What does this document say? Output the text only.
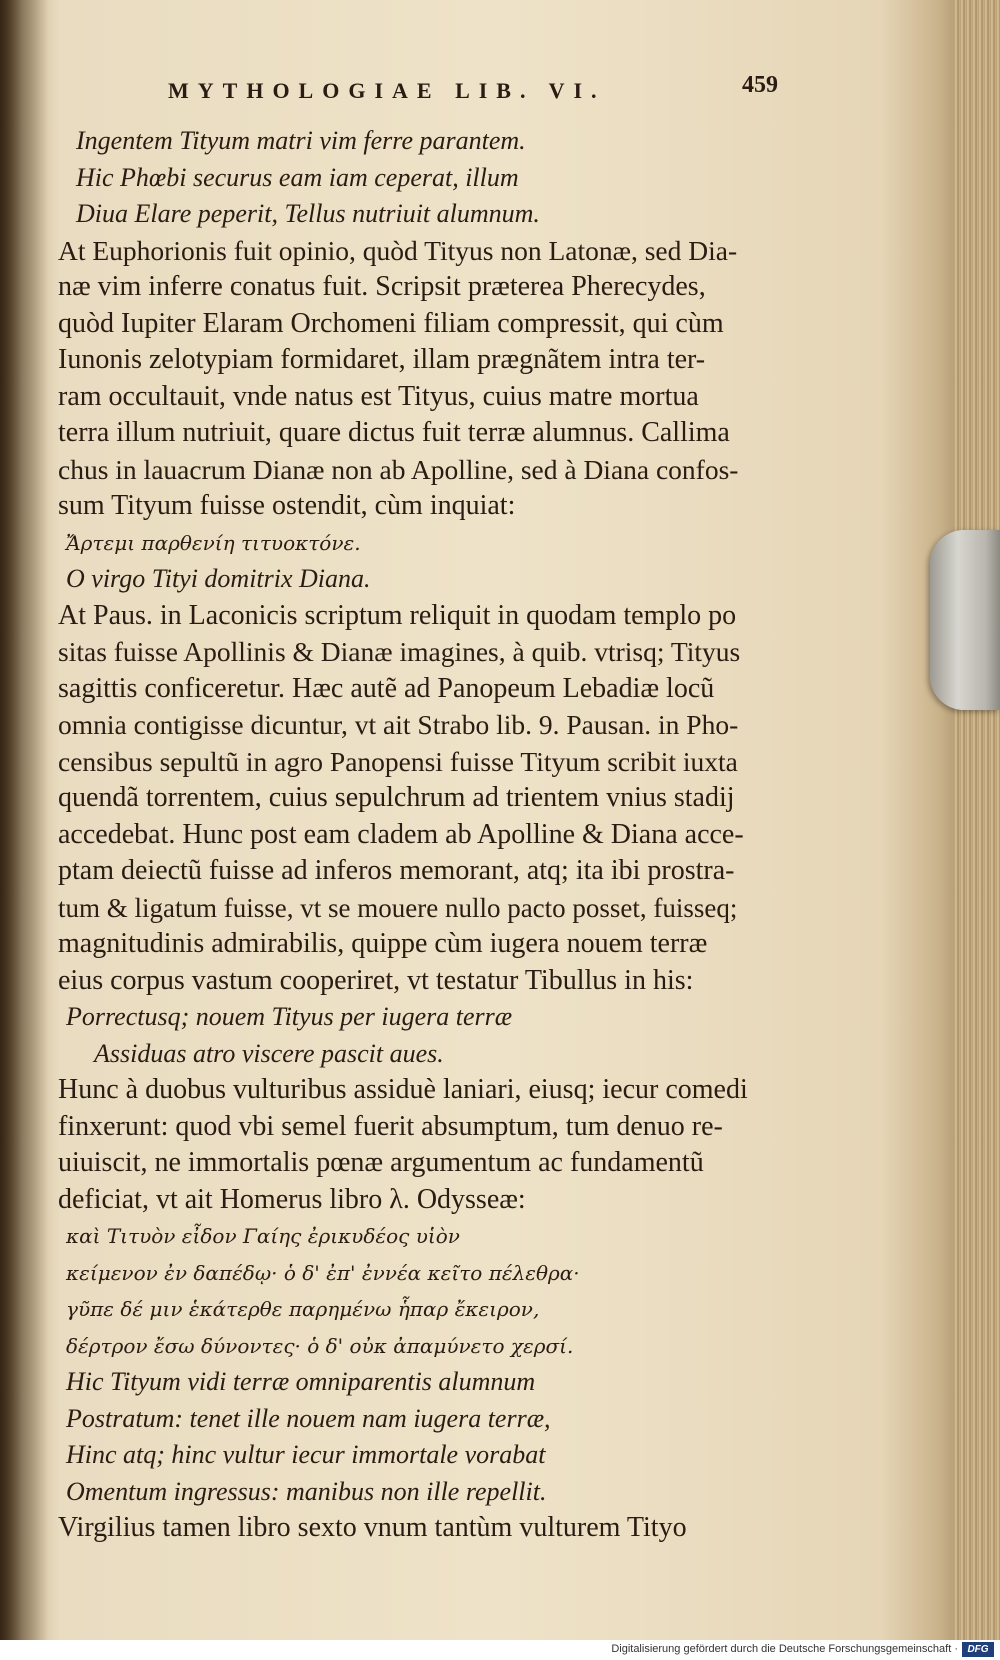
MYTHOLOGIAE LIB. VI.	459
Ingentem Tityum matri vim ferre parantem.
Hic Phœbi securus eam iam ceperat, illum
Diua Elare peperit, Tellus nutriuit alumnum.
At Euphorionis fuit opinio, quòd Tityus non Latonæ, sed Dia-
næ vim inferre conatus fuit. Scripsit præterea Pherecydes,
quòd Iupiter Elaram Orchomeni filiam compressit, qui cùm
Iunonis zelotypiam formidaret, illam prægnãtem intra ter-
ram occultauit, vnde natus est Tityus, cuius matre mortua
terra illum nutriuit, quare dictus fuit terræ alumnus. Callima
chus in lauacrum Dianæ non ab Apolline, sed à Diana confos-
sum Tityum fuisse ostendit, cùm inquiat:
Ἄρτεμι παρθενίη τιτυοκτόνε.
O virgo Tityi domitrix Diana.
At Paus. in Laconicis scriptum reliquit in quodam templo po
sitas fuisse Apollinis & Dianæ imagines, à quib. vtrisq; Tityus
sagittis conficeretur. Hæc autẽ ad Panopeum Lebadiæ locũ
omnia contigisse dicuntur, vt ait Strabo lib. 9. Pausan. in Pho-
censibus sepultũ in agro Panopensi fuisse Tityum scribit iuxta
quendã torrentem, cuius sepulchrum ad trientem vnius stadij
accedebat. Hunc post eam cladem ab Apolline & Diana acce-
ptam deiectũ fuisse ad inferos memorant, atq; ita ibi prostra-
tum & ligatum fuisse, vt se mouere nullo pacto posset, fuisseq;
magnitudinis admirabilis, quippe cùm iugera nouem terræ
eius corpus vastum cooperiret, vt testatur Tibullus in his:
Porrectusq; nouem Tityus per iugera terræ
Assiduas atro viscere pascit aues.
Hunc à duobus vulturibus assiduè laniari, eiusq; iecur comedi
finxerunt: quod vbi semel fuerit absumptum, tum denuo re-
uiuiscit, ne immortalis pœnæ argumentum ac fundamentũ
deficiat, vt ait Homerus libro λ. Odysseæ:
καὶ Τιτυὸν εἶδον Γαίης ἐρικυδέος υἱὸν
κείμενον ἐν δαπέδῳ· ὁ δ' ἐπ' ἐννέα κεῖτο πέλεθρα·
γῦπε δέ μιν ἑκάτερθε παρημένω ἧπαρ ἔκειρον,
δέρτρον ἔσω δύνοντες· ὁ δ' οὐκ ἀπαμύνετο χερσί.
Hic Tityum vidi terræ omniparentis alumnum
Postratum: tenet ille nouem nam iugera terræ,
Hinc atq; hinc vultur iecur immortale vorabat
Omentum ingressus: manibus non ille repellit.
Virgilius tamen libro sexto vnum tantùm vulturem Tityo
Digitalisierung gefördert durch die Deutsche Forschungsgemeinschaft · DFG
